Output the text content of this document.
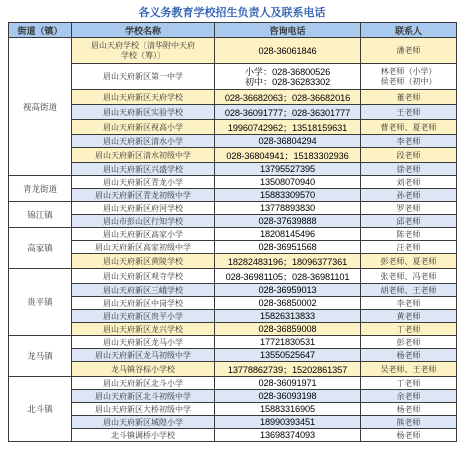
各义务教育学校招生负责人及联系电话
街道（镇）	学校名称	咨询电话	联系人
视高街道	眉山天府学校〔清华附中天府
学校（筹）〕	028-36061846	潘老师
	眉山天府新区第一中学	小学：028-36800526
初中：028-36283302	林老师（小学）
侯老师（初中）

	眉山天府新区天府学校	028-36682063；028-36682016	董老师
	眉山天府新区实验学校	028-36091777；028-36301777	王老师
	眉山天府新区视高小学	19960742962；13518159631	曹老师、夏老师
	眉山天府新区清水小学	028-36804294	李老师
	眉山天府新区清水初级中学	028-36804941；15183302936	段老师
	眉山天府新区兴盛学校	13795527395	徐老师
青龙街道	眉山天府新区青龙小学	13508070940	刘老师
	眉山天府新区青龙初级中学	15883309570	孙老师
锦江镇	眉山天府新区府河学校	13778893830	罗老师
	眉山市彭山区行知学校	028-37639888	邱老师
高家镇	眉山天府新区高家小学	18208145496	陈老师
	眉山天府新区高家初级中学	028-36951568	汪老师
	眉山天府新区黄陵学校	18282483196；18096377361	彭老师、夏老师
贵平镇	眉山天府新区观寺学校	028-36981105；028-36981101	张老师、冯老师
	眉山天府新区三峨学校	028-36959013	胡老师、王老师
	眉山天府新区中岗学校	028-36850002	李老师
	眉山天府新区贵平小学	15826313833	黄老师
	眉山天府新区龙兴学校	028-36859008	丁老师
龙马镇	眉山天府新区龙马小学	17721830531	彭老师
	眉山天府新区龙马初级中学	13550525647	杨老师
	龙马镇谷棕小学校	13778862739；15202861357	吴老师、王老师
北斗镇	眉山天府新区北斗小学	028-36091971	丁老师
	眉山天府新区北斗初级中学	028-36093198	余老师
	眉山天府新区大桥初级中学	15883316905	杨老师
	眉山天府新区城隍小学	18990393451	熊老师
	北斗镇调桥小学校	13698374093	杨老师
